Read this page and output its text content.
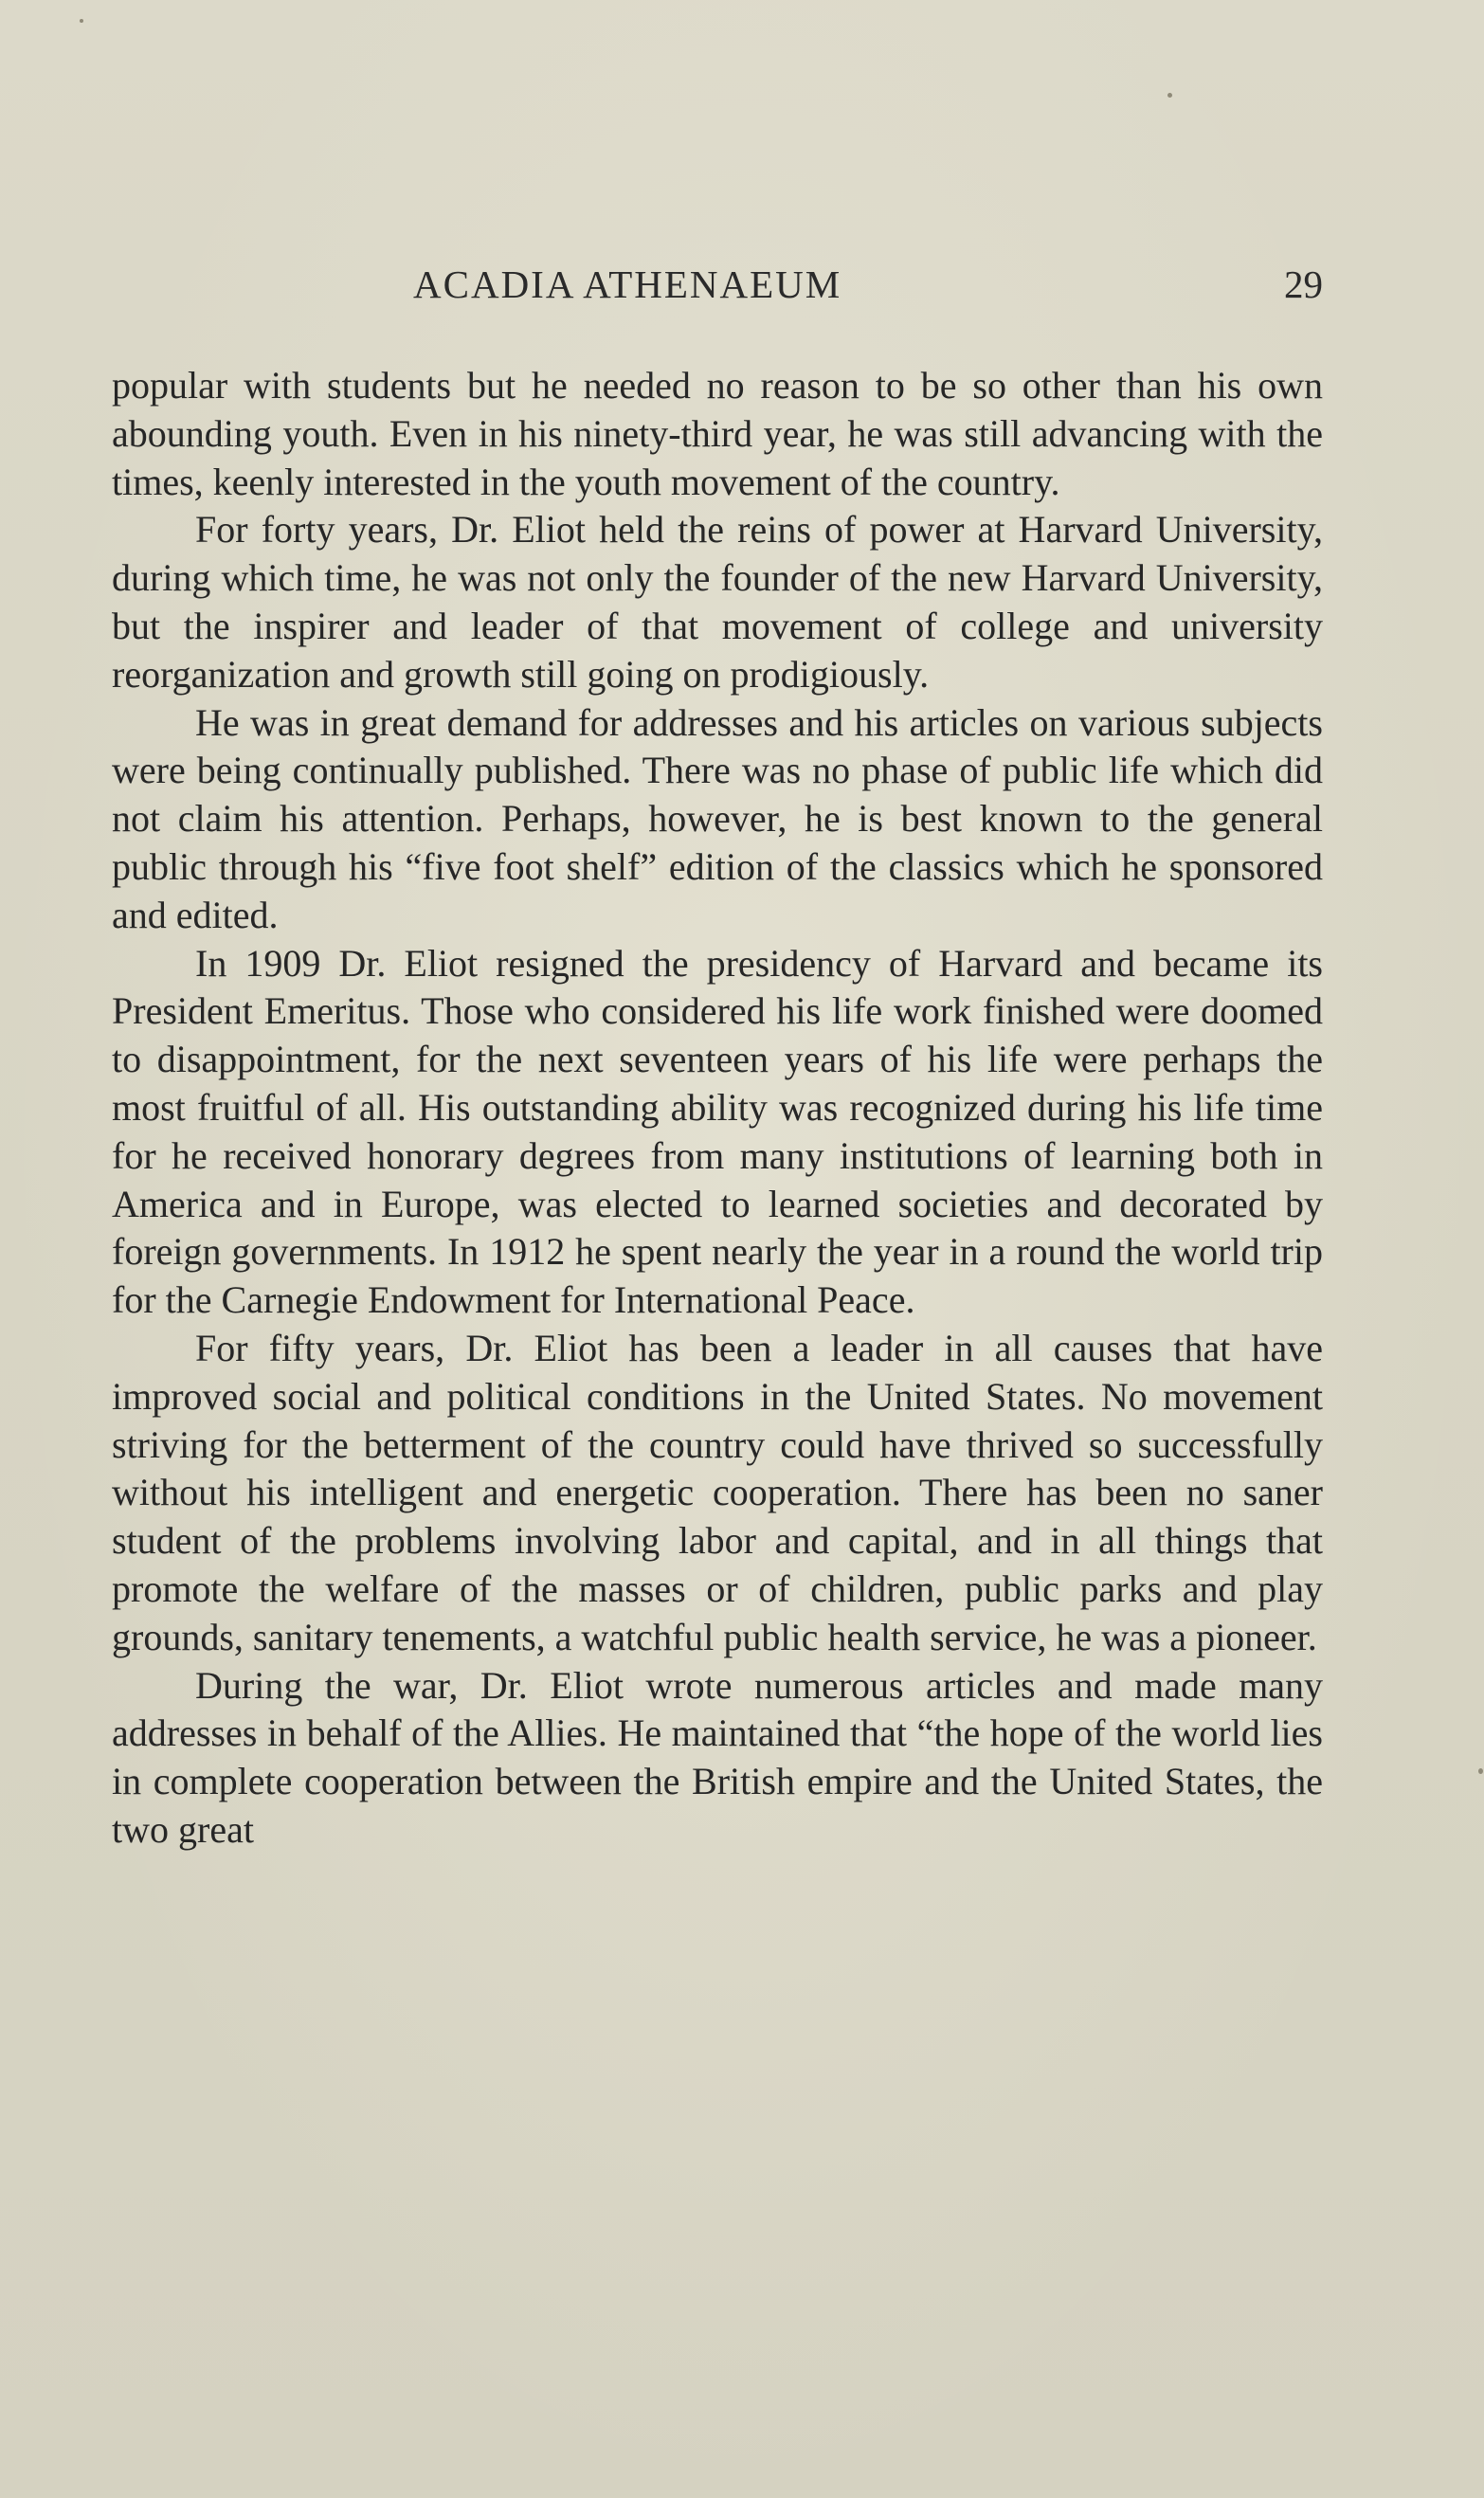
ACADIA ATHENAEUM	29

popular with students but he needed no reason to be so other than his own abounding youth. Even in his ninety-third year, he was still advancing with the times, keenly interested in the youth movement of the country.

For forty years, Dr. Eliot held the reins of power at Harvard University, during which time, he was not only the founder of the new Harvard University, but the inspirer and leader of that movement of college and university reorganization and growth still going on prodigiously.

He was in great demand for addresses and his articles on various subjects were being continually published. There was no phase of public life which did not claim his attention. Perhaps, however, he is best known to the general public through his “five foot shelf” edition of the classics which he sponsored and edited.

In 1909 Dr. Eliot resigned the presidency of Harvard and became its President Emeritus. Those who considered his life work finished were doomed to disappointment, for the next seventeen years of his life were perhaps the most fruitful of all. His outstanding ability was recognized during his life time for he received honorary degrees from many institutions of learning both in America and in Europe, was elected to learned societies and decorated by foreign governments. In 1912 he spent nearly the year in a round the world trip for the Carnegie Endowment for International Peace.

For fifty years, Dr. Eliot has been a leader in all causes that have improved social and political conditions in the United States. No movement striving for the betterment of the country could have thrived so successfully without his intelligent and energetic cooperation. There has been no saner student of the problems involving labor and capital, and in all things that promote the welfare of the masses or of children, public parks and play grounds, sanitary tenements, a watchful public health service, he was a pioneer.

During the war, Dr. Eliot wrote numerous articles and made many addresses in behalf of the Allies. He maintained that “the hope of the world lies in complete cooperation between the British empire and the United States, the two great
